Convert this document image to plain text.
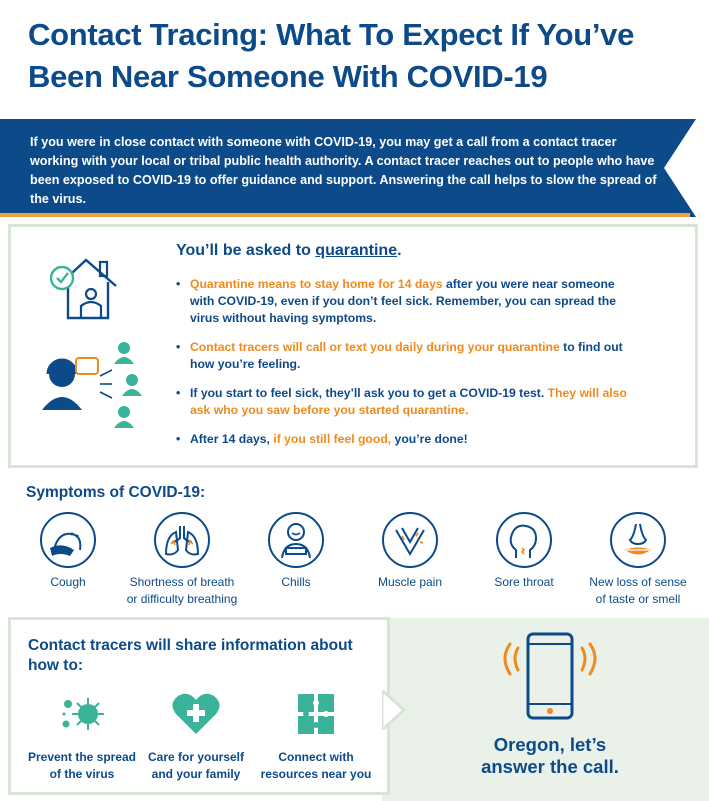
Contact Tracing: What To Expect If You’ve Been Near Someone With COVID-19
If you were in close contact with someone with COVID-19, you may get a call from a contact tracer working with your local or tribal public health authority. A contact tracer reaches out to people who have been exposed to COVID-19 to offer guidance and support. Answering the call helps to slow the spread of the virus.
You’ll be asked to quarantine.
• Quarantine means to stay home for 14 days after you were near someone with COVID-19, even if you don’t feel sick. Remember, you can spread the virus without having symptoms.
• Contact tracers will call or text you daily during your quarantine to find out how you’re feeling.
• If you start to feel sick, they’ll ask you to get a COVID-19 test. They will also ask who you saw before you started quarantine.
• After 14 days, if you still feel good, you’re done!
Symptoms of COVID-19:
Cough	Shortness of breath
or difficulty breathing
Chills	Muscle pain	Sore throat	New loss of sense
of taste or smell
Contact tracers will share information about how to:
Prevent the spread
of the virus
Care for yourself
and your family
Connect with
resources near you
Oregon, let’s
answer the call.
